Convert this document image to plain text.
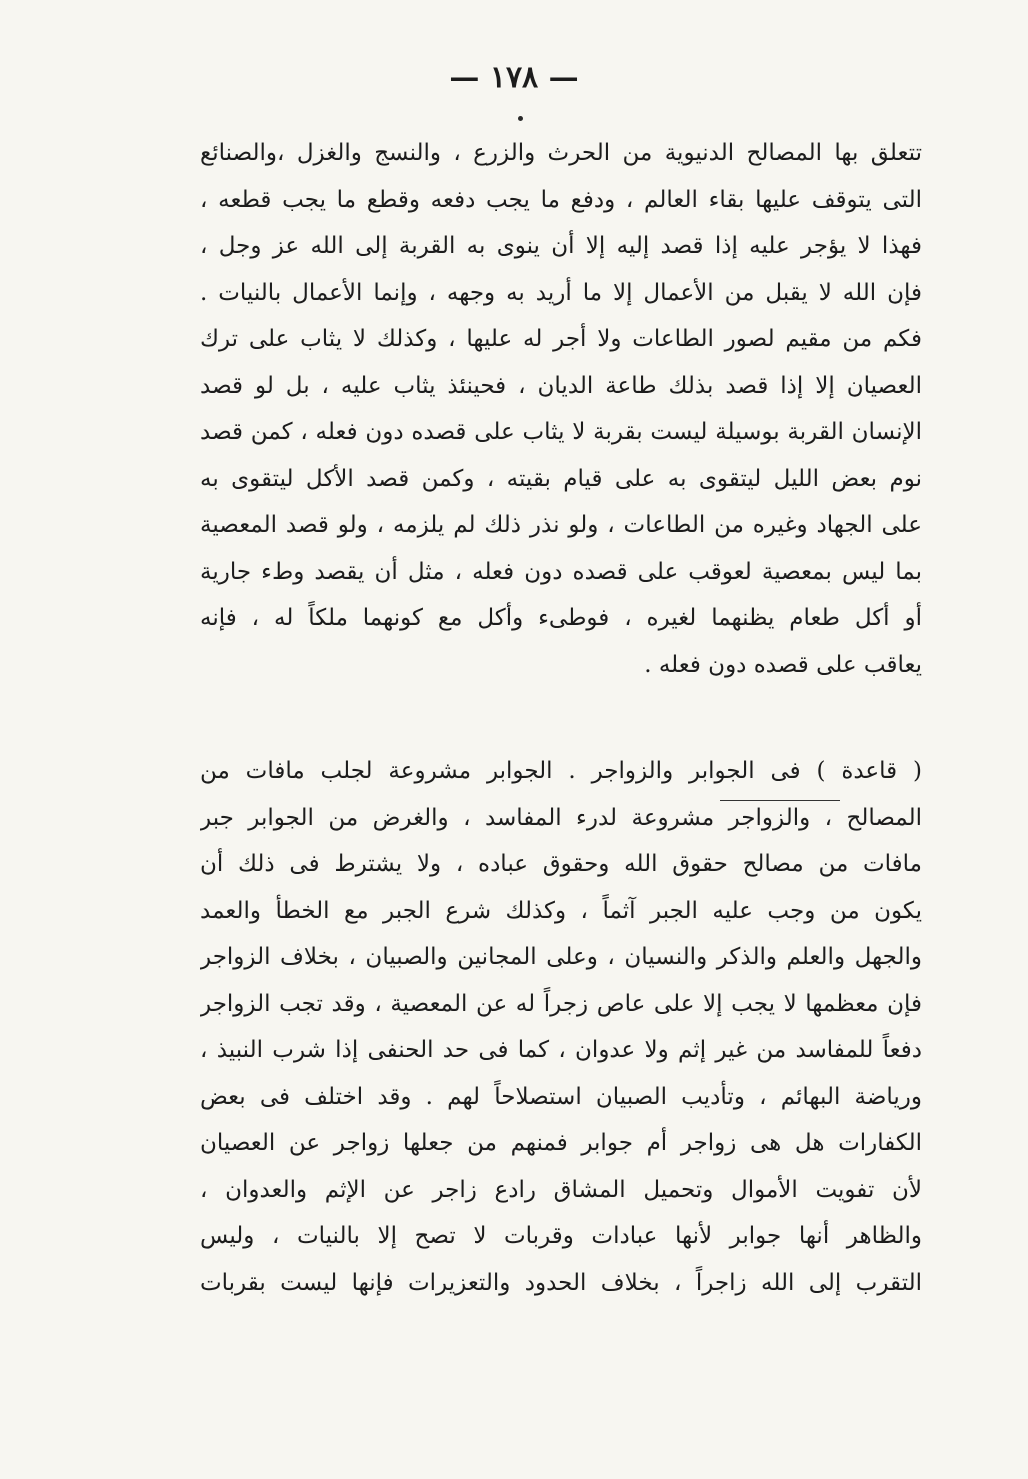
— ١٧٨ —
تتعلق بها المصالح الدنيوية من الحرث والزرع ، والنسج والغزل ،والصنائع
التى يتوقف عليها بقاء العالم ، ودفع ما يجب دفعه وقطع ما يجب قطعه ،
فهذا لا يؤجر عليه إذا قصد إليه إلا أن ينوى به القربة إلى الله عز وجل ،
فإن الله لا يقبل من الأعمال إلا ما أريد به وجهه ، وإنما الأعمال بالنيات .
فكم من مقيم لصور الطاعات ولا أجر له عليها ، وكذلك لا يثاب على ترك
العصيان إلا إذا قصد بذلك طاعة الديان ، فحينئذ يثاب عليه ، بل لو قصد
الإنسان القربة بوسيلة ليست بقربة لا يثاب على قصده دون فعله ، كمن قصد
نوم بعض الليل ليتقوى به على قيام بقيته ، وكمن قصد الأكل ليتقوى به
على الجهاد وغيره من الطاعات ، ولو نذر ذلك لم يلزمه ، ولو قصد المعصية
بما ليس بمعصية لعوقب على قصده دون فعله ، مثل أن يقصد وطء جارية
أو أكل طعام يظنهما لغيره ، فوطىء وأكل مع كونهما ملكاً له ، فإنه
يعاقب على قصده دون فعله .
( قاعدة ) فى الجوابر والزواجر . الجوابر مشروعة لجلب مافات من
المصالح ، والزواجر مشروعة لدرء المفاسد ، والغرض من الجوابر جبر
مافات من مصالح حقوق الله وحقوق عباده ، ولا يشترط فى ذلك أن
يكون من وجب عليه الجبر آثماً ، وكذلك شرع الجبر مع الخطأ والعمد
والجهل والعلم والذكر والنسيان ، وعلى المجانين والصبيان ، بخلاف الزواجر
فإن معظمها لا يجب إلا على عاص زجراً له عن المعصية ، وقد تجب الزواجر
دفعاً للمفاسد من غير إثم ولا عدوان ، كما فى حد الحنفى إذا شرب النبيذ ،
ورياضة البهائم ، وتأديب الصبيان استصلاحاً لهم . وقد اختلف فى بعض
الكفارات هل هى زواجر أم جوابر فمنهم من جعلها زواجر عن العصيان
لأن تفويت الأموال وتحميل المشاق رادع زاجر عن الإثم والعدوان ،
والظاهر أنها جوابر لأنها عبادات وقربات لا تصح إلا بالنيات ، وليس
التقرب إلى الله زاجراً ، بخلاف الحدود والتعزيرات فإنها ليست بقربات
